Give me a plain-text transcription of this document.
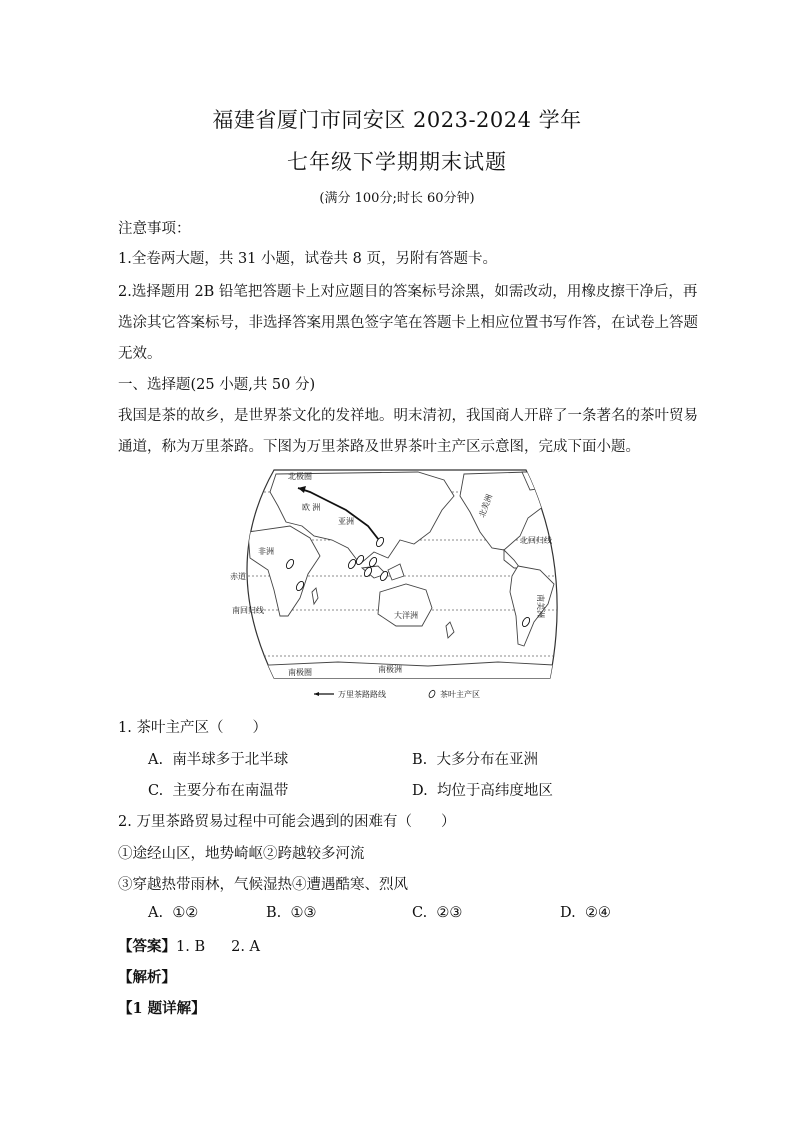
福建省厦门市同安区 2023-2024 学年
七年级下学期期末试题
(满分 100分;时长 60分钟)
注意事项：
1.全卷两大题，共 31 小题，试卷共 8 页，另附有答题卡。
2.选择题用 2B 铅笔把答题卡上对应题目的答案标号涂黑，如需改动，用橡皮擦干净后，再
选涂其它答案标号，非选择答案用黑色签字笔在答题卡上相应位置书写作答，在试卷上答题
无效。
一、选择题(25 小题,共 50 分)
我国是茶的故乡，是世界茶文化的发祥地。明末清初，我国商人开辟了一条著名的茶叶贸易
通道，称为万里茶路。下图为万里茶路及世界茶叶主产区示意图，完成下面小题。
北极圈
欧 洲
亚洲
非洲
赤道
南回归线
北回归线
北美洲
南美洲
大洋洲
南极洲
南极圈
万里茶路路线	茶叶主产区
1. 茶叶主产区（　　）
A. 南半球多于北半球	B. 大多分布在亚洲
C. 主要分布在南温带	D. 均位于高纬度地区
2. 万里茶路贸易过程中可能会遇到的困难有（　　）
①途经山区，地势崎岖②跨越较多河流
③穿越热带雨林，气候湿热④遭遇酷寒、烈风
A. ①②	B. ①③	C. ②③	D. ②④
【答案】1. B 2. A
【解析】
【1 题详解】
